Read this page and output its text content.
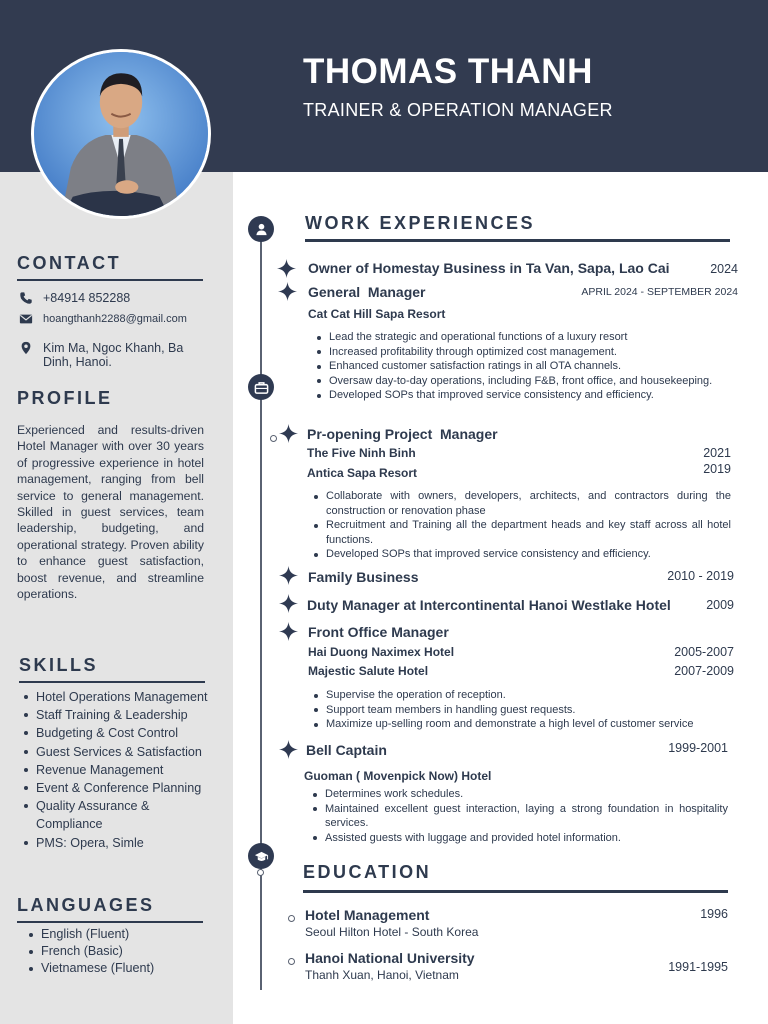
THOMAS THANH
TRAINER & OPERATION MANAGER
CONTACT
+84914 852288
hoangthanh2288@gmail.com
Kim Ma, Ngoc Khanh, Ba Dinh, Hanoi.
PROFILE
Experienced and results-driven Hotel Manager with over 30 years of progressive experience in hotel management, ranging from bell service to general management. Skilled in guest services, team leadership, budgeting, and operational strategy. Proven ability to enhance guest satisfaction, boost revenue, and streamline operations.
SKILLS
Hotel Operations Management
Staff Training & Leadership
Budgeting & Cost Control
Guest Services & Satisfaction
Revenue Management
Event & Conference Planning
Quality Assurance & Compliance
PMS: Opera, Simle
LANGUAGES
English (Fluent)
French (Basic)
Vietnamese (Fluent)
WORK EXPERIENCES
Owner of Homestay Business in Ta Van, Sapa, Lao Cai	2024
General  Manager	APRIL 2024 - SEPTEMBER 2024
Cat Cat Hill Sapa Resort
Lead the strategic and operational functions of a luxury resort
Increased profitability through optimized cost management.
Enhanced customer satisfaction ratings in all OTA channels.
Oversaw day-to-day operations, including F&B, front office, and housekeeping.
Developed SOPs that improved service consistency and efficiency.
Pr-opening Project  Manager
The Five Ninh Binh	2021
Antica Sapa Resort	2019
Collaborate with owners, developers, architects, and contractors during the construction or renovation phase
Recruitment and Training all the department heads and key staff across all hotel functions.
Developed SOPs that improved service consistency and efficiency.
Family Business	2010 - 2019
Duty Manager at Intercontinental Hanoi Westlake Hotel	2009
Front Office Manager
Hai Duong Naximex Hotel	2005-2007
Majestic Salute Hotel	2007-2009
Supervise the operation of reception.
Support team members in handling guest requests.
Maximize up-selling room and demonstrate a high level of customer service
Bell Captain	1999-2001
Guoman ( Movenpick Now) Hotel
Determines work schedules.
Maintained excellent guest interaction, laying a strong foundation in hospitality services.
Assisted guests with luggage and provided hotel information.
EDUCATION
Hotel Management
Seoul Hilton Hotel - South Korea
1996
Hanoi National University
Thanh Xuan, Hanoi, Vietnam
1991-1995
